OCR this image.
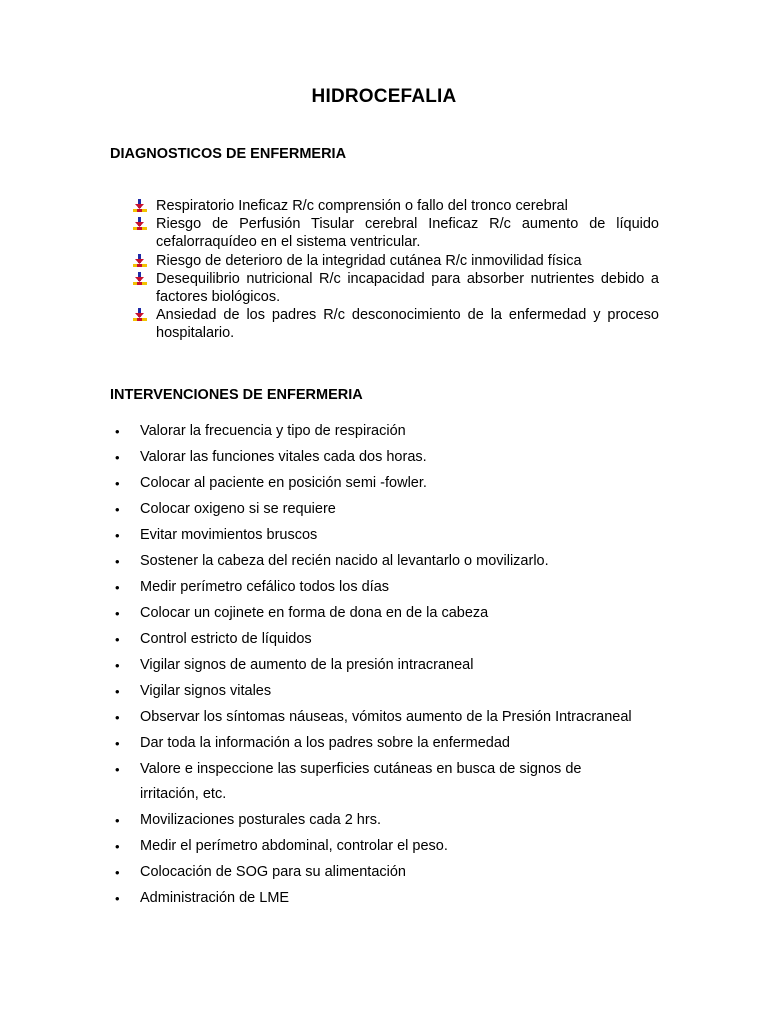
HIDROCEFALIA
DIAGNOSTICOS DE ENFERMERIA
Respiratorio Ineficaz R/c comprensión o fallo del tronco cerebral
Riesgo de Perfusión Tisular cerebral Ineficaz R/c aumento de líquido cefalorraquídeo en el sistema ventricular.
Riesgo de deterioro de la integridad cutánea R/c inmovilidad física
Desequilibrio nutricional R/c incapacidad para absorber nutrientes debido a factores biológicos.
Ansiedad de los padres R/c desconocimiento de la enfermedad y proceso hospitalario.
INTERVENCIONES DE ENFERMERIA
• Valorar la frecuencia y tipo de respiración
• Valorar las funciones vitales cada dos horas.
• Colocar al paciente en posición semi -fowler.
• Colocar oxigeno si se requiere
• Evitar movimientos bruscos
• Sostener la cabeza del recién nacido al levantarlo o movilizarlo.
• Medir perímetro cefálico todos los días
• Colocar un cojinete en forma de dona en de la cabeza
• Control estricto de líquidos
• Vigilar signos de aumento de la presión intracraneal
• Vigilar signos vitales
• Observar los síntomas náuseas, vómitos aumento de la Presión Intracraneal
• Dar toda la información a los padres sobre la enfermedad
• Valore e inspeccione las superficies cutáneas en busca de signos de irritación, etc.
• Movilizaciones posturales cada 2 hrs.
• Medir el perímetro abdominal, controlar el peso.
• Colocación de SOG para su alimentación
• Administración de LME
